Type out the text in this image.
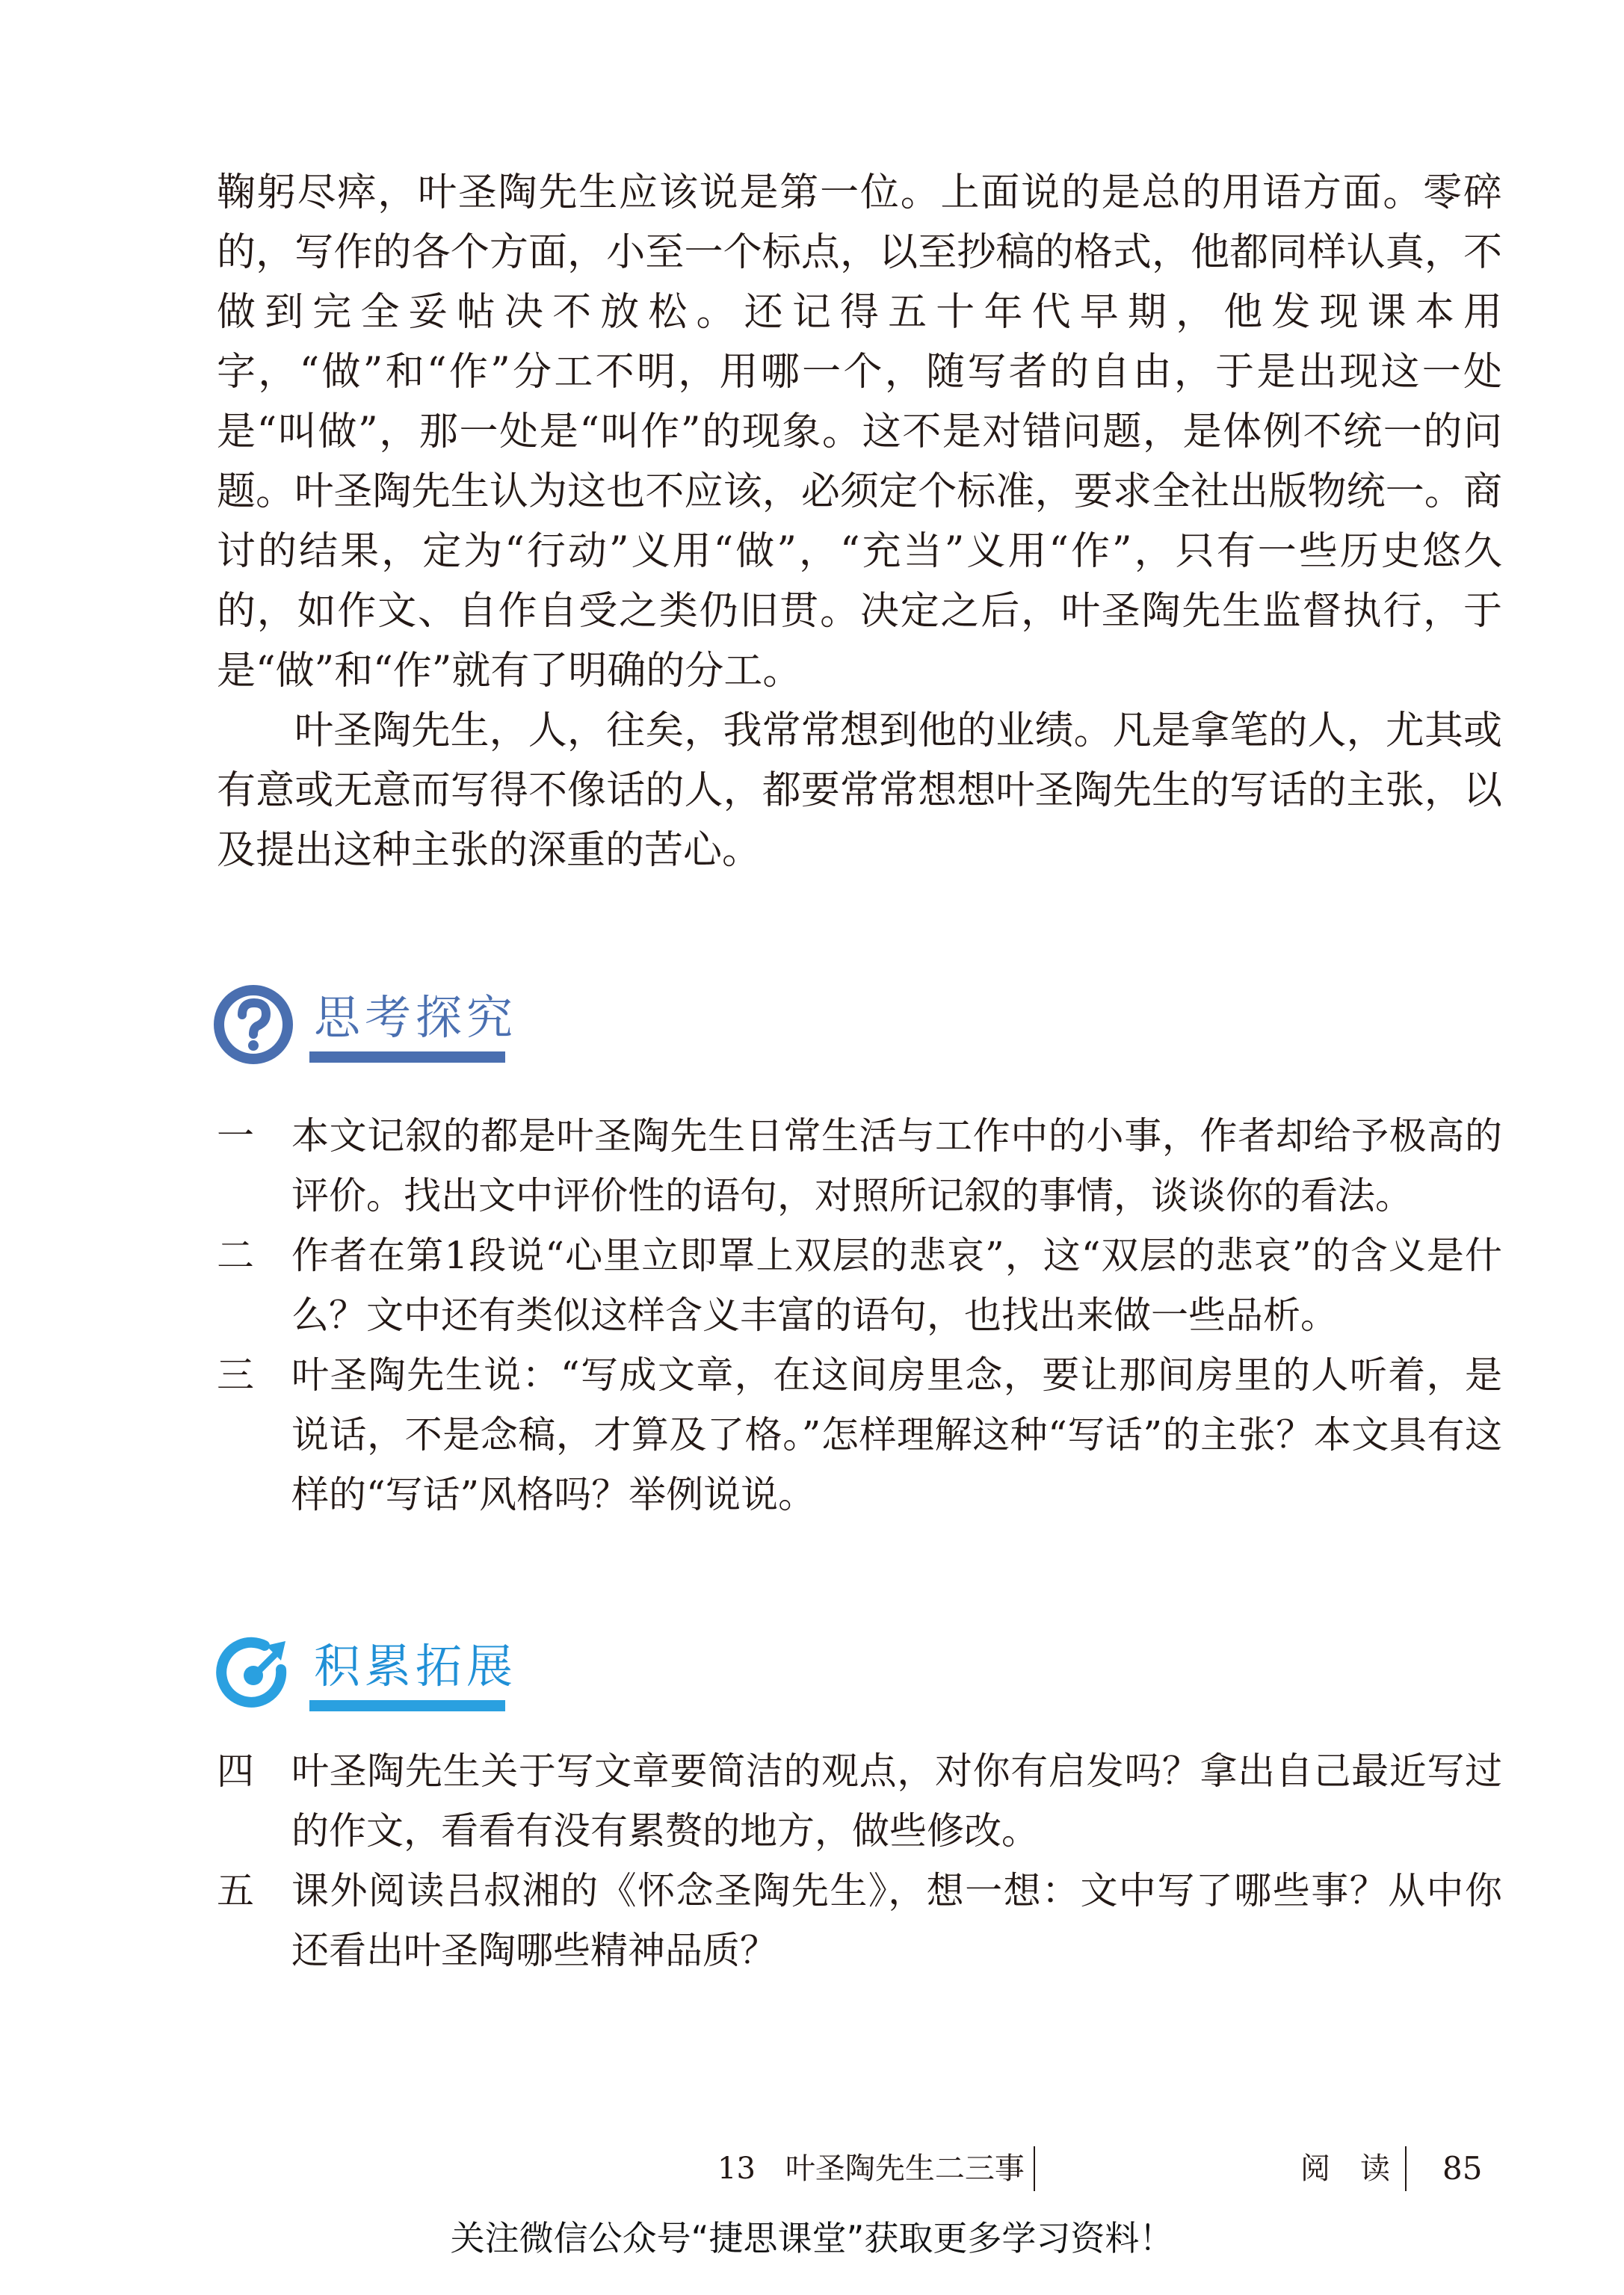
鞠躬尽瘁，叶圣陶先生应该说是第一位。上面说的是总的用语方面。零碎的，写作的各个方面，小至一个标点，以至抄稿的格式，他都同样认真，不做到完全妥帖决不放松。还记得五十年代早期，他发现课本用字，“做”和“作”分工不明，用哪一个，随写者的自由，于是出现这一处是“叫做”，那一处是“叫作”的现象。这不是对错问题，是体例不统一的问题。叶圣陶先生认为这也不应该，必须定个标准，要求全社出版物统一。商讨的结果，定为“行动”义用“做”，“充当”义用“作”，只有一些历史悠久的，如作文、自作自受之类仍旧贯。决定之后，叶圣陶先生监督执行，于是“做”和“作”就有了明确的分工。

叶圣陶先生，人，往矣，我常常想到他的业绩。凡是拿笔的人，尤其或有意或无意而写得不像话的人，都要常常想想叶圣陶先生的写话的主张，以及提出这种主张的深重的苦心。

思考探究
一 本文记叙的都是叶圣陶先生日常生活与工作中的小事，作者却给予极高的评价。找出文中评价性的语句，对照所记叙的事情，谈谈你的看法。
二 作者在第1段说“心里立即罩上双层的悲哀”，这“双层的悲哀”的含义是什么？文中还有类似这样含义丰富的语句，也找出来做一些品析。
三 叶圣陶先生说：“写成文章，在这间房里念，要让那间房里的人听着，是说话，不是念稿，才算及了格。”怎样理解这种“写话”的主张？本文具有这样的“写话”风格吗？举例说说。
积累拓展
四 叶圣陶先生关于写文章要简洁的观点，对你有启发吗？拿出自己最近写过的作文，看看有没有累赘的地方，做些修改。
五 课外阅读吕叔湘的《怀念圣陶先生》，想一想：文中写了哪些事？从中你还看出叶圣陶哪些精神品质？
13　叶圣陶先生二三事	阅　读 85
关注微信公众号“捷思课堂”获取更多学习资料！
